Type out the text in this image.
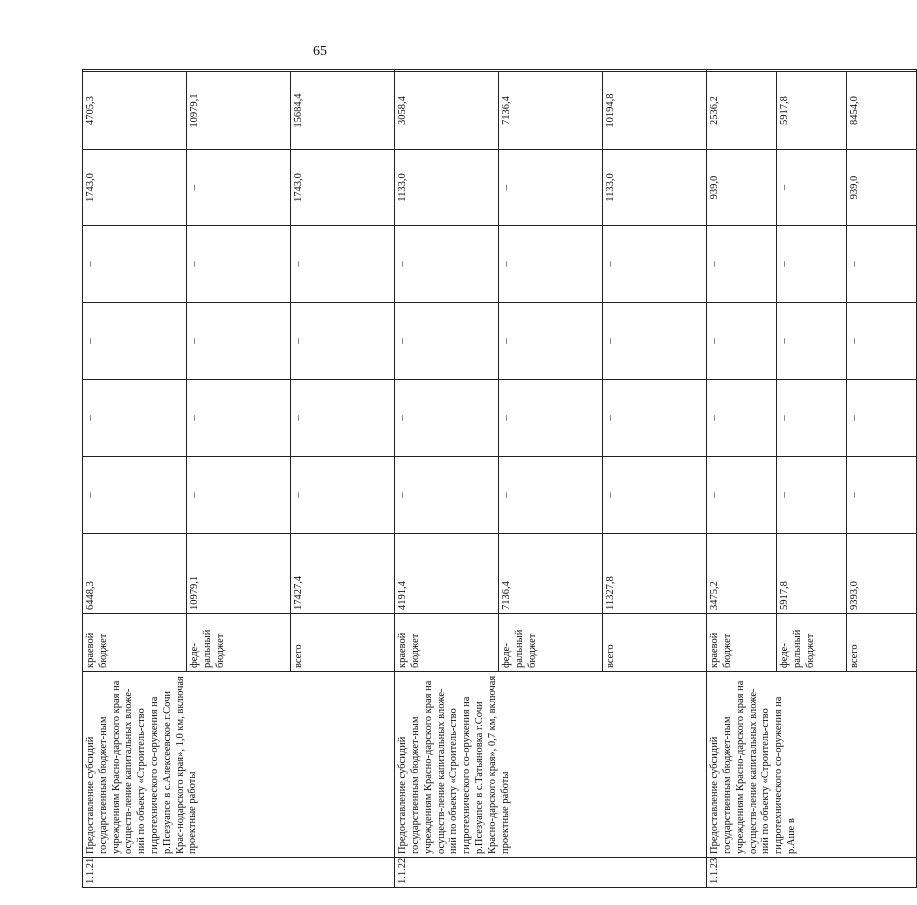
65
1.1.21	Предоставление субсидий государственным бюджет-ным учреждениям Красно-дарского края на осуществ-ление капитальных вложе-ний по объекту «Строитель-ство гидротехнического со-оружения на р.Псезуапсе в с.Алексеевское г.Сочи Крас-нодарского края», 1,0 км, включая проектные работы	краевой бюджет	6448,3	–	–	–	–	1743,0	4705,3	
		феде-ральный бюджет	10979,1	–	–	–	–	–	10979,1	
		всего	17427,4	–	–	–	–	1743,0	15684,4	
1.1.22	Предоставление субсидий государственным бюджет-ным учреждениям Красно-дарского края на осуществ-ление капитальных вложе-ний по объекту «Строитель-ство гидротехнического со-оружения на р.Псезуапсе в с.Татьяновка г.Сочи Красно-дарского края», 0,7 км, включая проектные работы	краевой бюджет	4191,4	–	–	–	–	1133,0	3058,4	
		феде-ральный бюджет	7136,4	–	–	–	–	–	7136,4	
		всего	11327,8	–	–	–	–	1133,0	10194,8	
1.1.23	Предоставление субсидий государственным бюджет-ным учреждениям Красно-дарского края на осуществ-ление капитальных вложе-ний по объекту «Строитель-ство гидротехнического со-оружения на р.Аше в	краевой бюджет	3475,2	–	–	–	–	939,0	2536,2	
		феде-ральный бюджет	5917,8	–	–	–	–	–	5917,8	
		всего	9393,0	–	–	–	–	939,0	8454,0	
